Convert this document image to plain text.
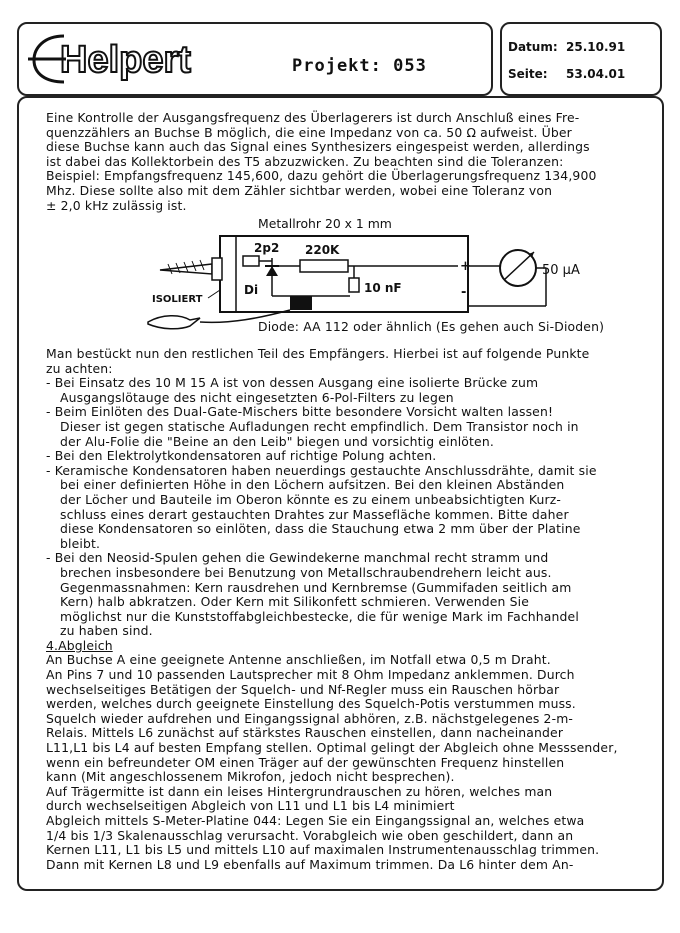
Helpert	Projekt: 053
Datum: 25.10.91
Seite: 53.04.01
Eine Kontrolle der Ausgangsfrequenz des Überlagerers ist durch Anschluß eines Fre-
quenzzählers an Buchse B möglich, die eine Impedanz von ca. 50 Ω aufweist. Über
diese Buchse kann auch das Signal eines Synthesizers eingespeist werden, allerdings
ist dabei das Kollektorbein des T5 abzuzwicken. Zu beachten sind die Toleranzen:
Beispiel: Empfangsfrequenz 145,600, dazu gehört die Überlagerungsfrequenz 134,900
Mhz. Diese sollte also mit dem Zähler sichtbar werden, wobei eine Toleranz von
± 2,0 kHz zulässig ist.
Metallrohr 20 x 1 mm
2p2
Di
220K
10 nF
+
-
50 μA
ISOLIERT
Diode: AA 112 oder ähnlich (Es gehen auch Si-Dioden)
Man bestückt nun den restlichen Teil des Empfängers. Hierbei ist auf folgende Punkte
zu achten:
- Bei Einsatz des 10 M 15 A ist von dessen Ausgang eine isolierte Brücke zum
Ausgangslötauge des nicht eingesetzten 6-Pol-Filters zu legen
- Beim Einlöten des Dual-Gate-Mischers bitte besondere Vorsicht walten lassen!
Dieser ist gegen statische Aufladungen recht empfindlich. Dem Transistor noch in
der Alu-Folie die "Beine an den Leib" biegen und vorsichtig einlöten.
- Bei den Elektrolytkondensatoren auf richtige Polung achten.
- Keramische Kondensatoren haben neuerdings gestauchte Anschlussdrähte, damit sie
bei einer definierten Höhe in den Löchern aufsitzen. Bei den kleinen Abständen
der Löcher und Bauteile im Oberon könnte es zu einem unbeabsichtigten Kurz-
schluss eines derart gestauchten Drahtes zur Massefläche kommen. Bitte daher
diese Kondensatoren so einlöten, dass die Stauchung etwa 2 mm über der Platine
bleibt.
- Bei den Neosid-Spulen gehen die Gewindekerne manchmal recht stramm und
brechen insbesondere bei Benutzung von Metallschraubendrehern leicht aus.
Gegenmassnahmen: Kern rausdrehen und Kernbremse (Gummifaden seitlich am
Kern) halb abkratzen. Oder Kern mit Silikonfett schmieren. Verwenden Sie
möglichst nur die Kunststoffabgleichbestecke, die für wenige Mark im Fachhandel
zu haben sind.
4.Abgleich
An Buchse A eine geeignete Antenne anschließen, im Notfall etwa 0,5 m Draht.
An Pins 7 und 10 passenden Lautsprecher mit 8 Ohm Impedanz anklemmen. Durch
wechselseitiges Betätigen der Squelch- und Nf-Regler muss ein Rauschen hörbar
werden, welches durch geeignete Einstellung des Squelch-Potis verstummen muss.
Squelch wieder aufdrehen und Eingangssignal abhören, z.B. nächstgelegenes 2-m-
Relais. Mittels L6 zunächst auf stärkstes Rauschen einstellen, dann nacheinander
L11,L1 bis L4 auf besten Empfang stellen. Optimal gelingt der Abgleich ohne Messsender,
wenn ein befreundeter OM einen Träger auf der gewünschten Frequenz hinstellen
kann (Mit angeschlossenem Mikrofon, jedoch nicht besprechen).
Auf Trägermitte ist dann ein leises Hintergrundrauschen zu hören, welches man
durch wechselseitigen Abgleich von L11 und L1 bis L4 minimiert
Abgleich mittels S-Meter-Platine 044: Legen Sie ein Eingangssignal an, welches etwa
1/4 bis 1/3 Skalenausschlag verursacht. Vorabgleich wie oben geschildert, dann an
Kernen L11, L1 bis L5 und mittels L10 auf maximalen Instrumentenausschlag trimmen.
Dann mit Kernen L8 und L9 ebenfalls auf Maximum trimmen. Da L6 hinter dem An-
